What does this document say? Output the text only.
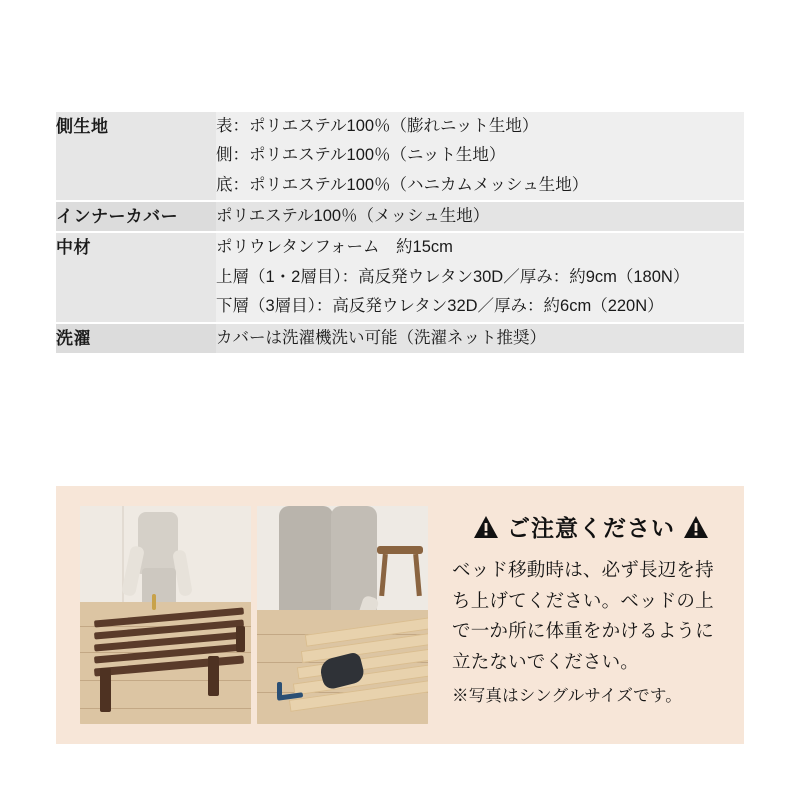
側生地	表：ポリエステル100％（膨れニット生地）
側：ポリエステル100％（ニット生地）
底：ポリエステル100％（ハニカムメッシュ生地）

インナーカバー	ポリエステル100％（メッシュ生地）

中材	ポリウレタンフォーム　約15cm
上層（1・2層目）：高反発ウレタン30D／厚み：約9cm（180N）
下層（3層目）：高反発ウレタン32D／厚み：約6cm（220N）

洗濯	カバーは洗濯機洗い可能（洗濯ネット推奨）
ご注意ください
ベッド移動時は、必ず長辺を持ち上げてください。ベッドの上で一か所に体重をかけるように立たないでください。
※写真はシングルサイズです。
